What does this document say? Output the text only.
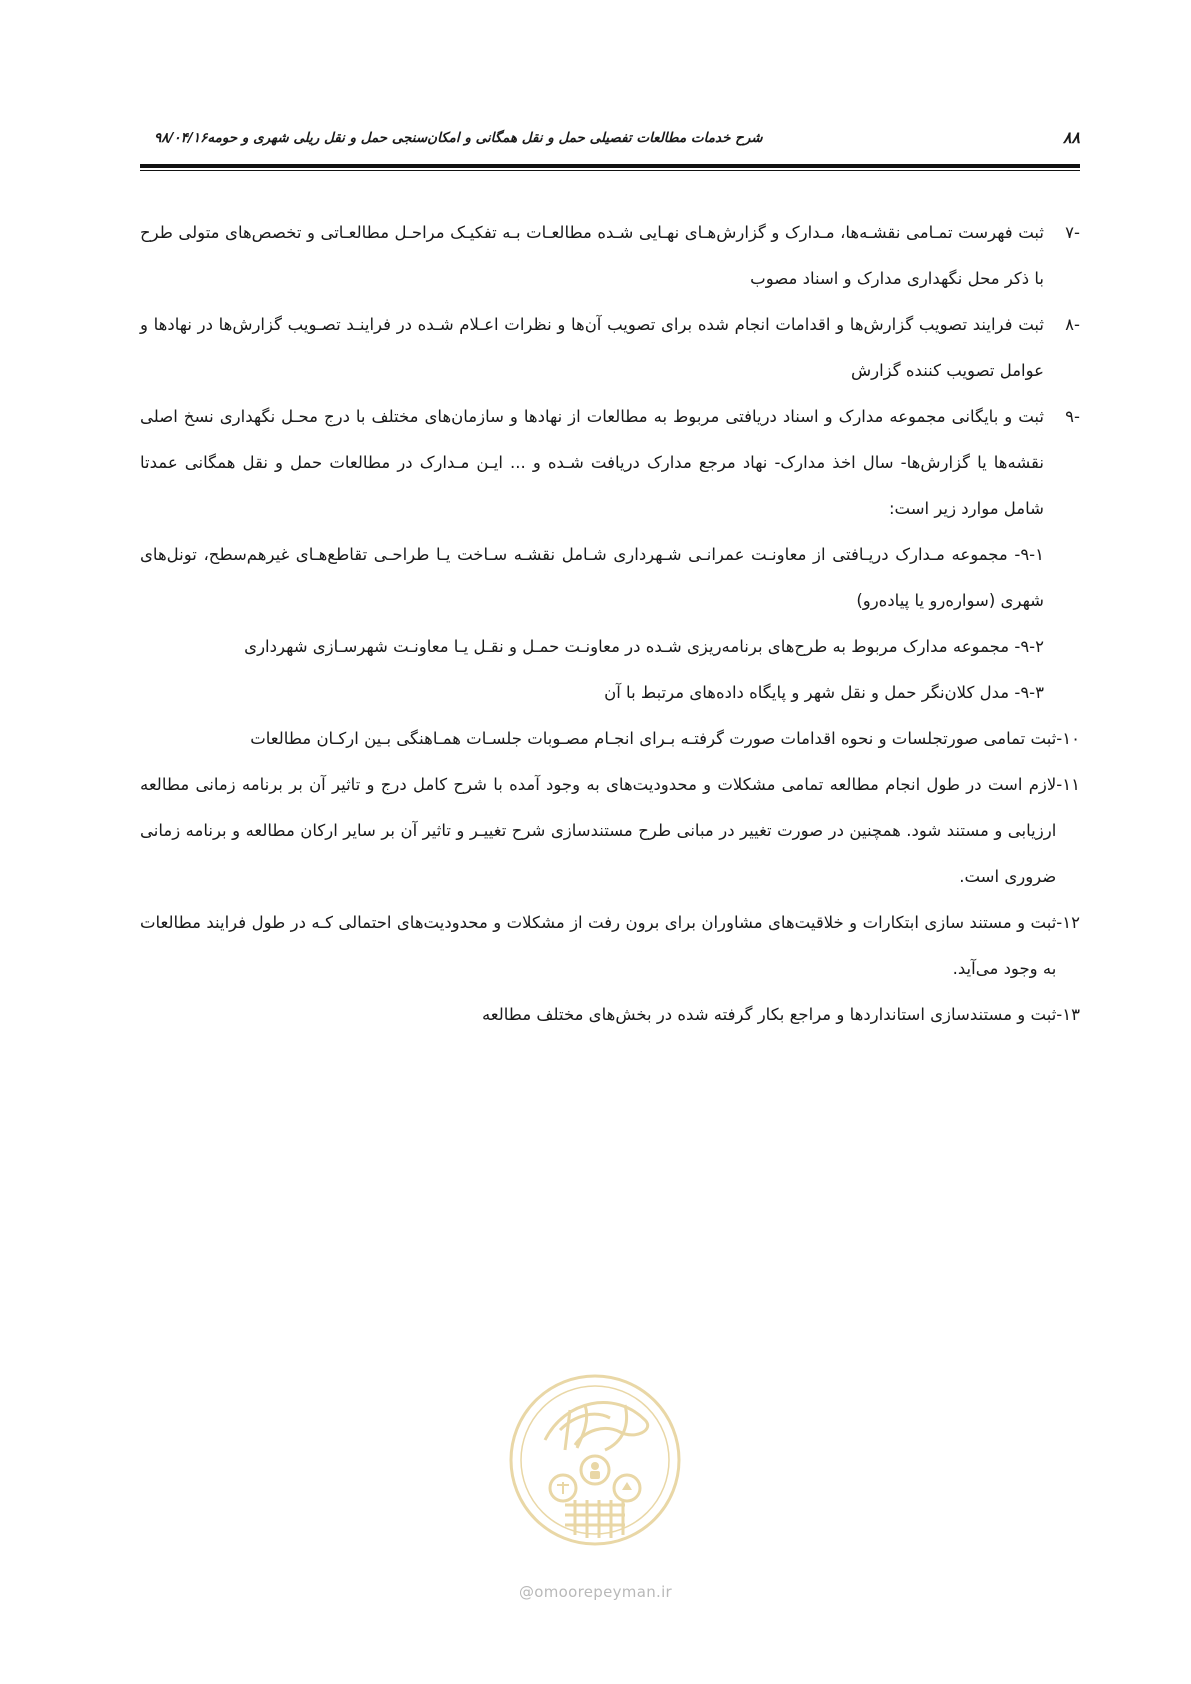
۸۸
شرح خدمات مطالعات تفصیلی حمل و نقل همگانی و امکان‌سنجی حمل و نقل ریلی شهری و حومه۹۸/۰۴/۱۶
-۷
ثبت فهرست تمـامی نقشـه‌ها، مـدارک و گزارش‌هـای نهـایی شـده مطالعـات بـه تفکیـک مراحـل مطالعـاتی و تخصص‌های متولی طرح با ذکر محل نگهداری مدارک و اسناد مصوب
-۸
ثبت فرایند تصویب گزارش‌ها و اقدامات انجام شده برای تصویب آن‌ها و نظرات اعـلام شـده در فراینـد تصـویب گزارش‌ها در نهادها و عوامل تصویب کننده گزارش
-۹
ثبت و بایگانی مجموعه مدارک و اسناد دریافتی مربوط به مطالعات از نهادها و سازمان‌های مختلف با درج محـل نگهداری نسخ اصلی نقشه‌ها یا گزارش‌ها- سال اخذ مدارک- نهاد مرجع مدارک دریافت شـده و ... ایـن مـدارک در مطالعات حمل و نقل همگانی عمدتا شامل موارد زیر است:
۹-۱- مجموعه مـدارک دریـافتی از معاونـت عمرانـی شـهرداری شـامل نقشـه سـاخت یـا طراحـی تقاطع‌هـای غیرهم‌سطح، تونل‌های شهری (سواره‌رو یا پیاده‌رو)
۹-۲- مجموعه مدارک مربوط به طرح‌های برنامه‌ریزی شـده در معاونـت حمـل و نقـل یـا معاونـت شهرسـازی شهرداری
۹-۳- مدل کلان‌نگر حمل و نقل شهر و پایگاه داده‌های مرتبط با آن
۱۰-
ثبت تمامی صورتجلسات و نحوه اقدامات صورت گرفتـه بـرای انجـام مصـوبات جلسـات همـاهنگی بـین ارکـان مطالعات
۱۱-
لازم است در طول انجام مطالعه تمامی مشکلات و محدودیت‌های به وجود آمده با شرح کامل درج و تاثیر آن بر برنامه زمانی مطالعه ارزیابی و مستند شود. همچنین در صورت تغییر در مبانی طرح مستندسازی شرح تغییـر و تاثیر آن بر سایر ارکان مطالعه و برنامه زمانی ضروری است.
۱۲-
ثبت و مستند سازی ابتکارات و خلاقیت‌های مشاوران برای برون رفت از مشکلات و محدودیت‌های احتمالی کـه در طول فرایند مطالعات به وجود می‌آید.
۱۳-
ثبت و مستندسازی استانداردها و مراجع بکار گرفته شده در بخش‌های مختلف مطالعه
@omoorepeyman.ir
